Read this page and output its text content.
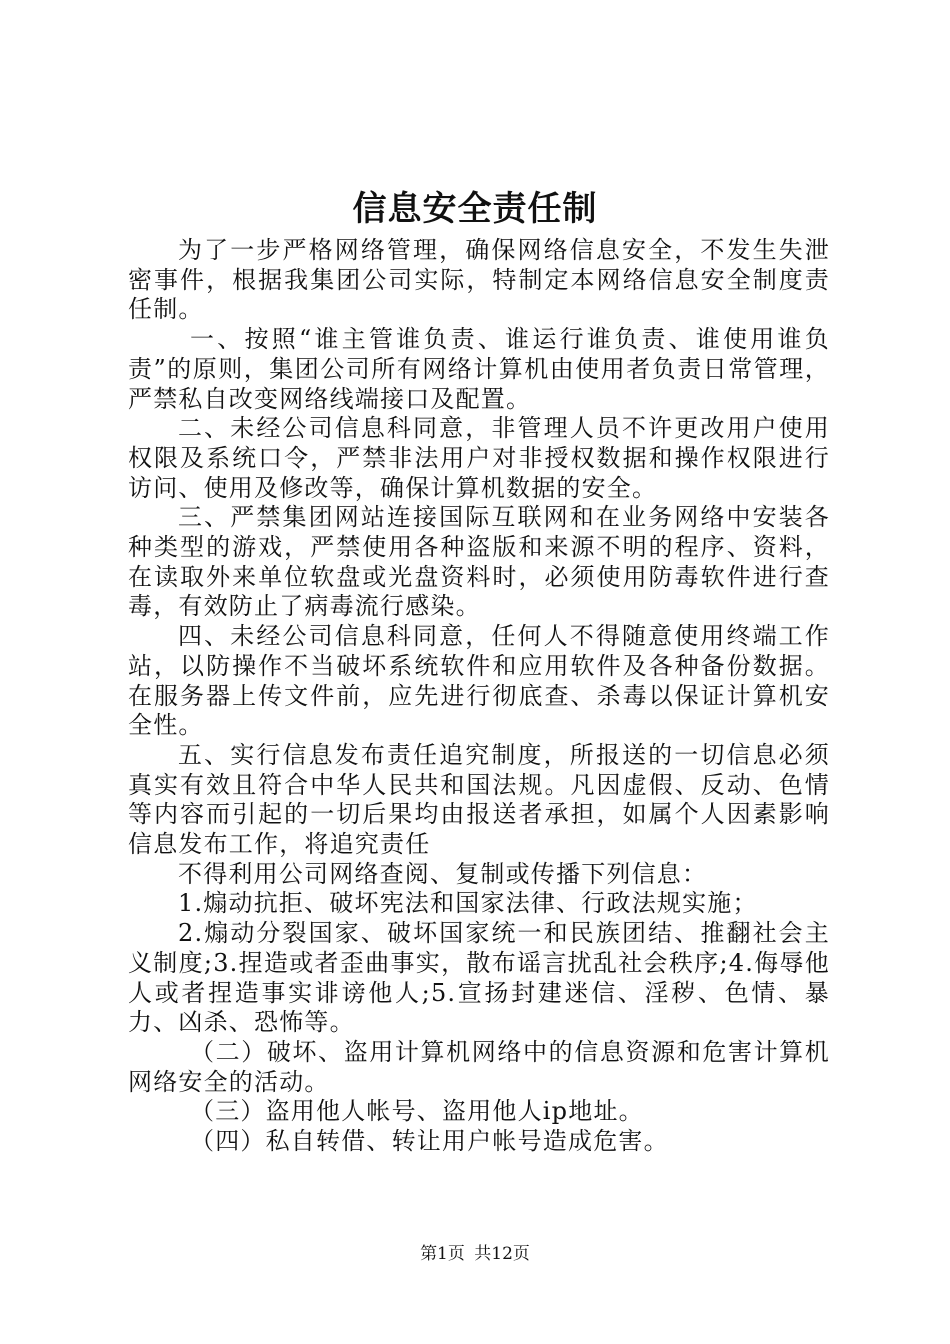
信息安全责任制

为了一步严格网络管理，确保网络信息安全，不发生失泄密事件，根据我集团公司实际，特制定本网络信息安全制度责任制。

一、按照“谁主管谁负责、谁运行谁负责、谁使用谁负责”的原则，集团公司所有网络计算机由使用者负责日常管理，严禁私自改变网络线端接口及配置。

二、未经公司信息科同意，非管理人员不许更改用户使用权限及系统口令，严禁非法用户对非授权数据和操作权限进行访问、使用及修改等，确保计算机数据的安全。

三、严禁集团网站连接国际互联网和在业务网络中安装各种类型的游戏，严禁使用各种盗版和来源不明的程序、资料，在读取外来单位软盘或光盘资料时，必须使用防毒软件进行查毒，有效防止了病毒流行感染。

四、未经公司信息科同意，任何人不得随意使用终端工作站，以防操作不当破坏系统软件和应用软件及各种备份数据。在服务器上传文件前，应先进行彻底查、杀毒以保证计算机安全性。

五、实行信息发布责任追究制度，所报送的一切信息必须真实有效且符合中华人民共和国法规。凡因虚假、反动、色情等内容而引起的一切后果均由报送者承担，如属个人因素影响信息发布工作，将追究责任

不得利用公司网络查阅、复制或传播下列信息：

1.煽动抗拒、破坏宪法和国家法律、行政法规实施；

2.煽动分裂国家、破坏国家统一和民族团结、推翻社会主义制度;3.捏造或者歪曲事实，散布谣言扰乱社会秩序;4.侮辱他人或者捏造事实诽谤他人;5.宣扬封建迷信、淫秽、色情、暴力、凶杀、恐怖等。

（二）破坏、盗用计算机网络中的信息资源和危害计算机网络安全的活动。

（三）盗用他人帐号、盗用他人ip地址。

（四）私自转借、转让用户帐号造成危害。

第1页 共12页
